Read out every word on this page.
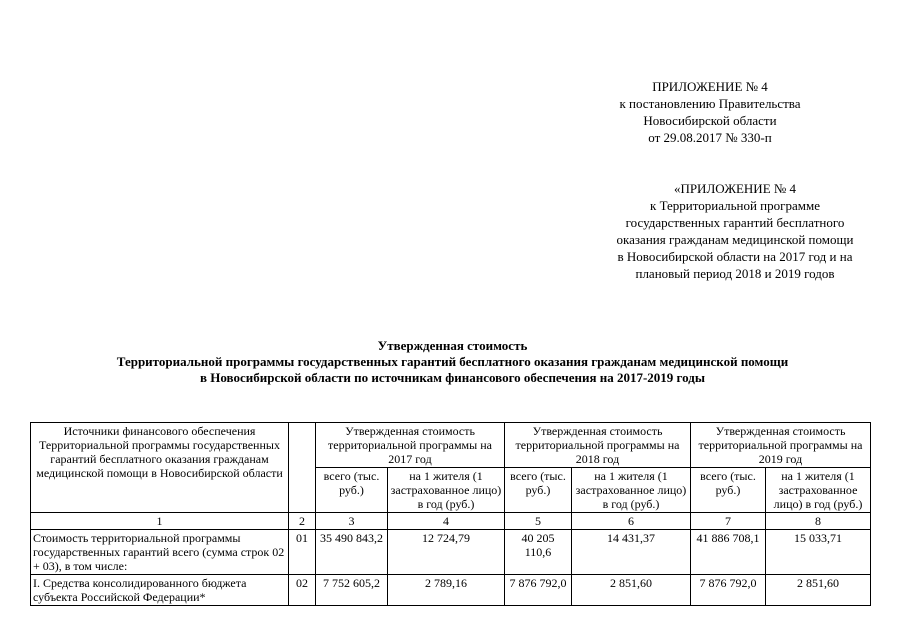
ПРИЛОЖЕНИЕ № 4
к постановлению Правительства
Новосибирской области
от 29.08.2017 № 330-п
«ПРИЛОЖЕНИЕ № 4
к Территориальной программе
государственных гарантий бесплатного
оказания гражданам медицинской помощи
в Новосибирской области на 2017 год и на
плановый период 2018 и 2019 годов
Утвержденная стоимость
Территориальной программы государственных гарантий бесплатного оказания гражданам медицинской помощи
в Новосибирской области по источникам финансового обеспечения на 2017-2019 годы
Источники финансового обеспечения Территориальной программы государственных гарантий бесплатного оказания гражданам медицинской помощи в Новосибирской области		Утвержденная стоимость территориальной программы на 2017 год		Утвержденная стоимость территориальной программы на 2018 год		Утвержденная стоимость территориальной программы на 2019 год	
		всего (тыс. руб.)	на 1 жителя (1 застрахованное лицо) в год (руб.)	всего (тыс. руб.)	на 1 жителя (1 застрахованное лицо) в год (руб.)	всего (тыс. руб.)	на 1 жителя (1 застрахованное лицо) в год (руб.)
1	2	3	4	5	6	7	8
Стоимость территориальной программы государственных гарантий всего (сумма строк 02 + 03), в том числе:	01	35 490 843,2	12 724,79	40 205 110,6	14 431,37	41 886 708,1	15 033,71
I. Средства консолидированного бюджета субъекта Российской Федерации*	02	7 752 605,2	2 789,16	7 876 792,0	2 851,60	7 876 792,0	2 851,60
